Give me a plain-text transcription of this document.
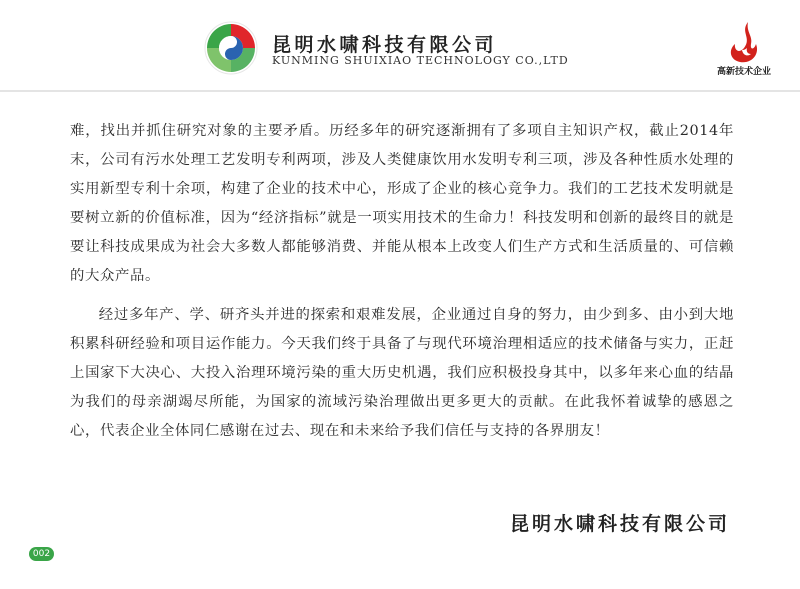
昆明水啸科技有限公司
KUNMING SHUIXIAO TECHNOLOGY CO.,LTD
高新技术企业

难，找出并抓住研究对象的主要矛盾。历经多年的研究逐渐拥有了多项自主知识产权，截止2014年末，公司有污水处理工艺发明专利两项，涉及人类健康饮用水发明专利三项，涉及各种性质水处理的实用新型专利十余项，构建了企业的技术中心，形成了企业的核心竞争力。我们的工艺技术发明就是要树立新的价值标准，因为“经济指标”就是一项实用技术的生命力！科技发明和创新的最终目的就是要让科技成果成为社会大多数人都能够消费、并能从根本上改变人们生产方式和生活质量的、可信赖的大众产品。

经过多年产、学、研齐头并进的探索和艰难发展，企业通过自身的努力，由少到多、由小到大地积累科研经验和项目运作能力。今天我们终于具备了与现代环境治理相适应的技术储备与实力，正赶上国家下大决心、大投入治理环境污染的重大历史机遇，我们应积极投身其中，以多年来心血的结晶为我们的母亲湖竭尽所能，为国家的流域污染治理做出更多更大的贡献。在此我怀着诚挚的感恩之心，代表企业全体同仁感谢在过去、现在和未来给予我们信任与支持的各界朋友！

昆明水啸科技有限公司
002
